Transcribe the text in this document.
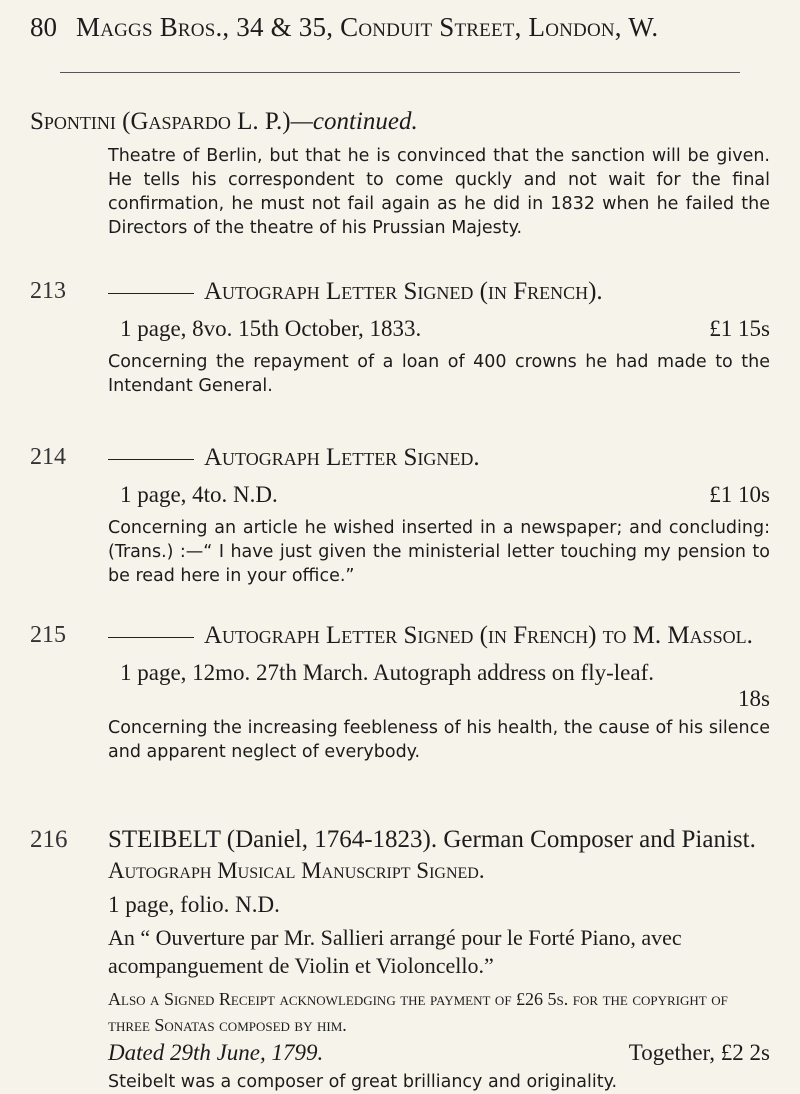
80 Maggs Bros., 34 & 35, Conduit Street, London, W.
Spontini (Gaspardo L. P.)—continued.
Theatre of Berlin, but that he is convinced that the sanction will be given. He tells his correspondent to come quckly and not wait for the final confirmation, he must not fail again as he did in 1832 when he failed the Directors of the theatre of his Prussian Majesty.
213	Autograph Letter Signed (in French).
1 page, 8vo. 15th October, 1833.	£1 15s
Concerning the repayment of a loan of 400 crowns he had made to the Intendant General.
214	Autograph Letter Signed.
1 page, 4to. N.D.	£1 10s
Concerning an article he wished inserted in a newspaper; and concluding: (Trans.) :—“ I have just given the ministerial letter touching my pension to be read here in your office.”
215	Autograph Letter Signed (in French) to M. Massol.
1 page, 12mo. 27th March. Autograph address on fly-leaf.
18s
Concerning the increasing feebleness of his health, the cause of his silence and apparent neglect of everybody.
216	STEIBELT (Daniel, 1764-1823). German Composer and Pianist.
Autograph Musical Manuscript Signed.
1 page, folio. N.D.
An “ Ouverture par Mr. Sallieri arrangé pour le Forté Piano, avec acompanguement de Violin et Violoncello.”
Also a Signed Receipt acknowledging the payment of £26 5s. for the copyright of three Sonatas composed by him.
Dated 29th June, 1799.	Together, £2 2s
Steibelt was a composer of great brilliancy and originality.
